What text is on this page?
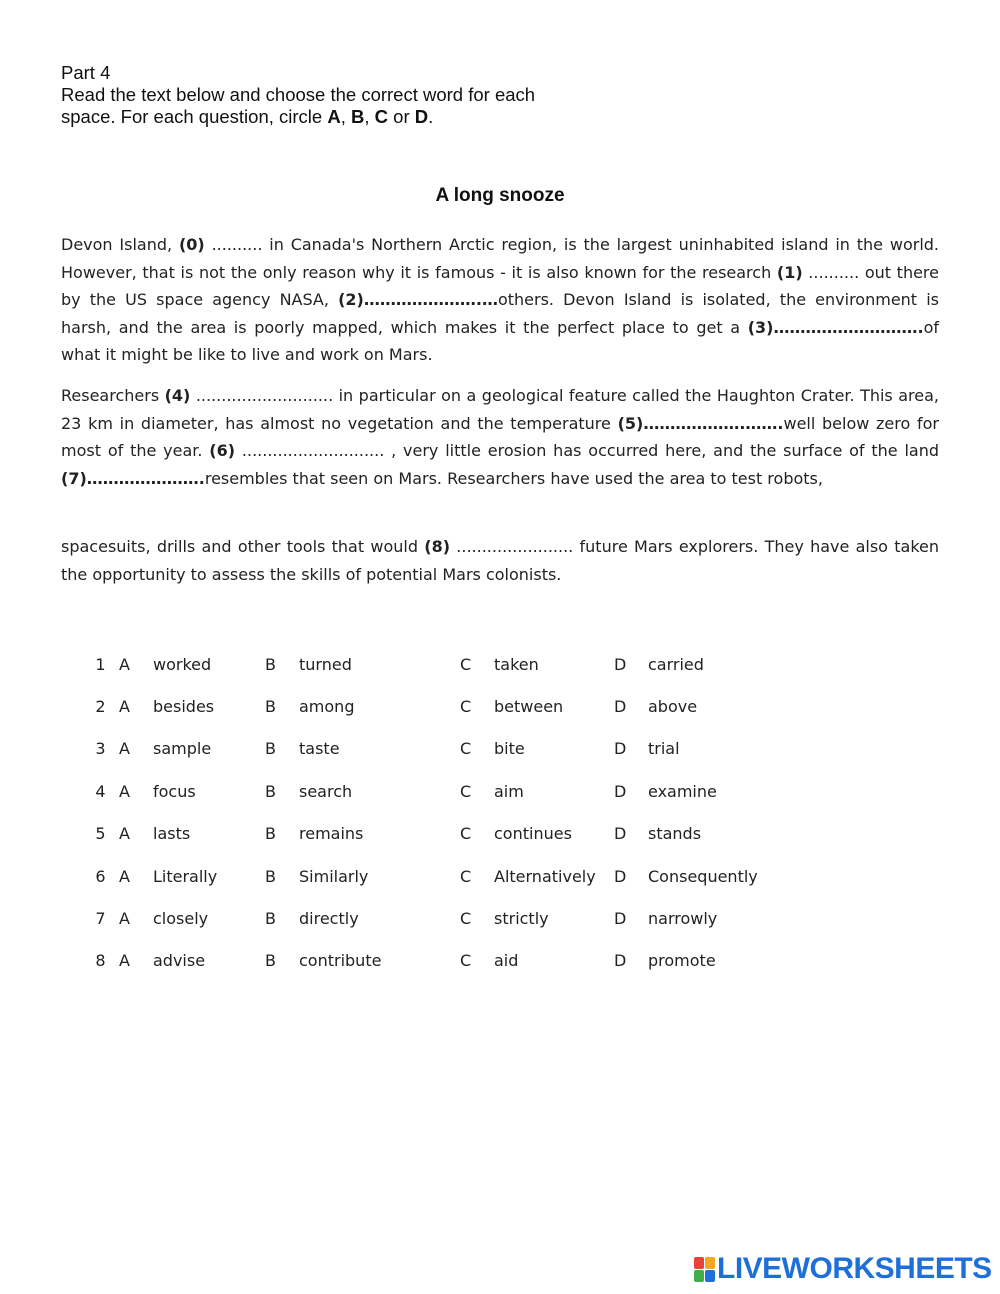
Part 4
Read the text below and choose the correct word for each
space. For each question, circle A, B, C or D.
A long snooze

Devon Island, (0) .......... in Canada's Northern Arctic region, is the largest uninhabited island in the world. However, that is not the only reason why it is famous - it is also known for the research (1) .......... out there by the US space agency NASA, (2)………………….…others. Devon Island is isolated, the environment is harsh, and the area is poorly mapped, which makes it the perfect place to get a (3)……………………….of what it might be like to live and work on Mars.

Researchers (4) ........................... in particular on a geological feature called the Haughton Crater. This area, 23 km in diameter, has almost no vegetation and the temperature (5)……………….…….well below zero for most of the year. (6) ............................ , very little erosion has occurred here, and the surface of the land (7)………………….resembles that seen on Mars. Researchers have used the area to test robots,

spacesuits, drills and other tools that would (8) ....................... future Mars explorers. They have also taken the opportunity to assess the skills of potential Mars colonists.

1	A	worked	B	turned	C	taken	D	carried
2	A	besides	B	among	C	between	D	above
3	A	sample	B	taste	C	bite	D	trial
4	A	focus	B	search	C	aim	D	examine
5	A	lasts	B	remains	C	continues	D	stands
6	A	Literally	B	Similarly	C	Alternatively	D	Consequently
7	A	closely	B	directly	C	strictly	D	narrowly
8	A	advise	B	contribute	C	aid	D	promote
LIVEWORKSHEETS
